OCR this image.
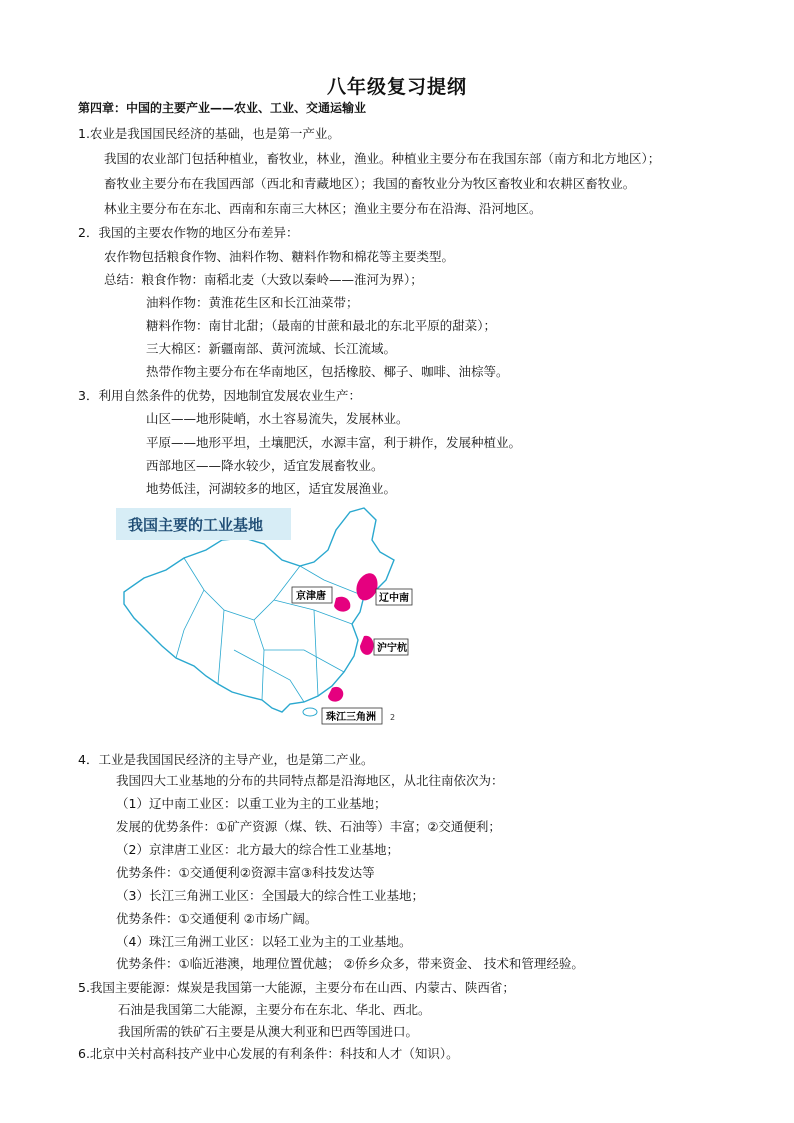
八年级复习提纲
第四章：中国的主要产业——农业、工业、交通运输业
1.农业是我国国民经济的基础，也是第一产业。
我国的农业部门包括种植业，畜牧业，林业，渔业。种植业主要分布在我国东部（南方和北方地区）；
畜牧业主要分布在我国西部（西北和青藏地区）；我国的畜牧业分为牧区畜牧业和农耕区畜牧业。
林业主要分布在东北、西南和东南三大林区；渔业主要分布在沿海、沿河地区。
2．我国的主要农作物的地区分布差异：
农作物包括粮食作物、油料作物、糖料作物和棉花等主要类型。
总结：粮食作物：南稻北麦（大致以秦岭——淮河为界）；
油料作物：黄淮花生区和长江油菜带；
糖料作物：南甘北甜；（最南的甘蔗和最北的东北平原的甜菜）；
三大棉区：新疆南部、黄河流域、长江流域。
热带作物主要分布在华南地区，包括橡胶、椰子、咖啡、油棕等。
3．利用自然条件的优势，因地制宜发展农业生产：
山区——地形陡峭，水土容易流失，发展林业。
平原——地形平坦，土壤肥沃，水源丰富，利于耕作，发展种植业。
西部地区——降水较少，适宜发展畜牧业。
地势低洼，河湖较多的地区，适宜发展渔业。
我国主要的工业基地
京津唐	辽中南
沪宁杭
珠江三角洲 2
4．工业是我国国民经济的主导产业，也是第二产业。
我国四大工业基地的分布的共同特点都是沿海地区，从北往南依次为：
（1）辽中南工业区：以重工业为主的工业基地；
发展的优势条件：①矿产资源（煤、铁、石油等）丰富；②交通便利；
（2）京津唐工业区：北方最大的综合性工业基地；
优势条件：①交通便利②资源丰富③科技发达等
（3）长江三角洲工业区：全国最大的综合性工业基地；
优势条件：①交通便利 ②市场广阔。
（4）珠江三角洲工业区：以轻工业为主的工业基地。
优势条件：①临近港澳，地理位置优越； ②侨乡众多，带来资金、 技术和管理经验。
5.我国主要能源：煤炭是我国第一大能源，主要分布在山西、内蒙古、陕西省；
石油是我国第二大能源，主要分布在东北、华北、西北。
我国所需的铁矿石主要是从澳大利亚和巴西等国进口。
6.北京中关村高科技产业中心发展的有利条件：科技和人才（知识）。
